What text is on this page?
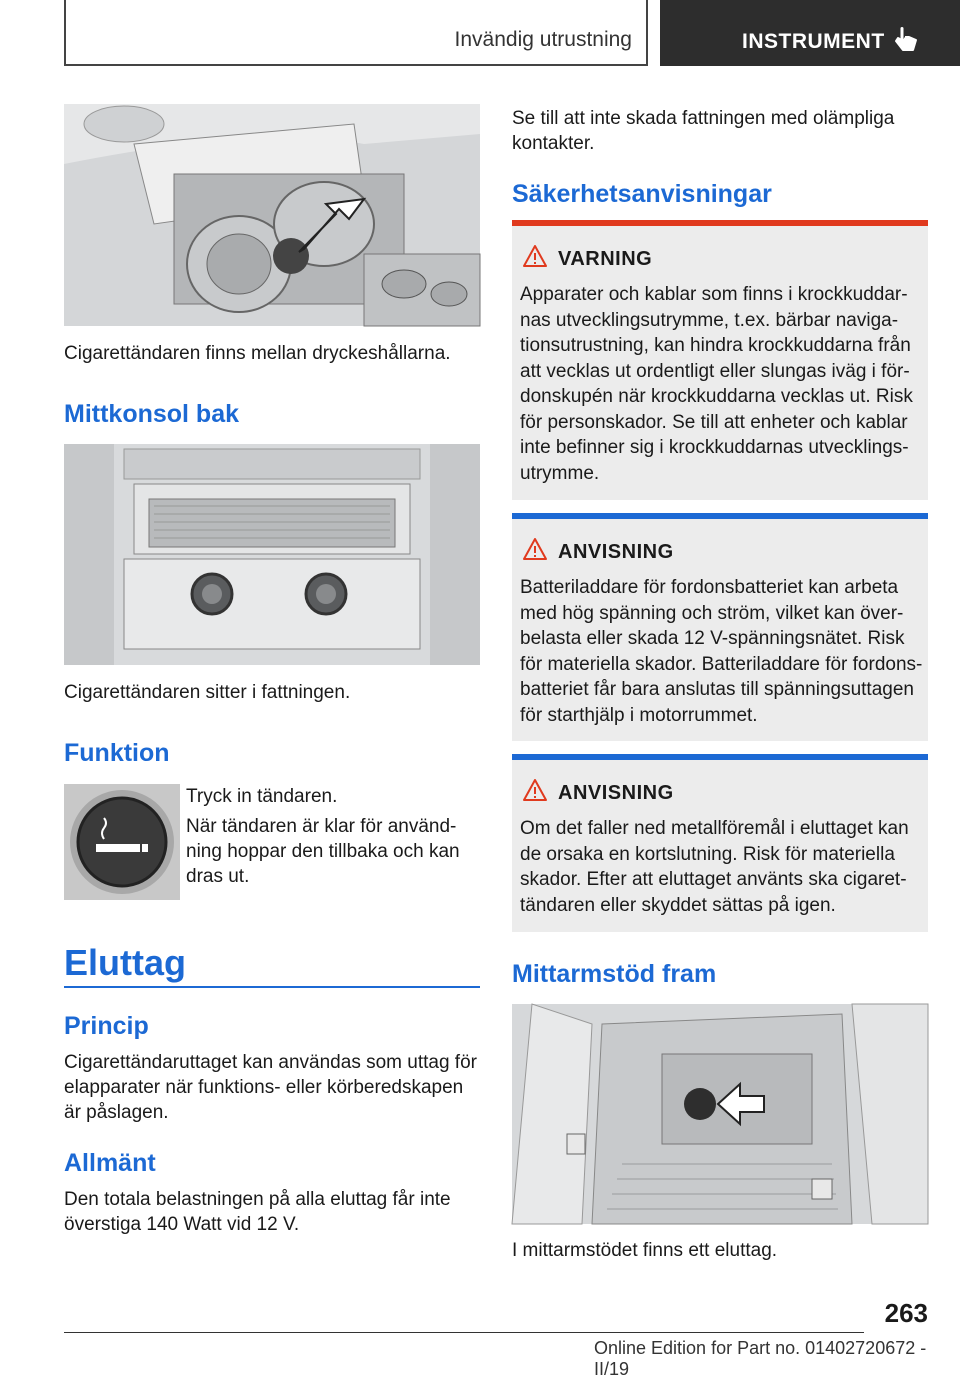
Invändig utrustning	INSTRUMENT
Cigarettändaren finns mellan dryckeshållarna.
Mittkonsol bak
Cigarettändaren sitter i fattningen.
Funktion
Tryck in tändaren.
När tändaren är klar för använd-ning hoppar den tillbaka och kan dras ut.
Eluttag
Princip
Cigarettändaruttaget kan användas som uttag för elapparater när funktions- eller körberedskapen är påslagen.
Allmänt
Den totala belastningen på alla eluttag får inte överstiga 140 Watt vid 12 V.
Se till att inte skada fattningen med olämpliga kontakter.
Säkerhetsanvisningar
VARNING
Apparater och kablar som finns i krockkuddar-nas utvecklingsutrymme, t.ex. bärbar naviga-tionsutrustning, kan hindra krockkuddarna från att vecklas ut ordentligt eller slungas iväg i för-donskupén när krockkuddarna vecklas ut. Risk för personskador. Se till att enheter och kablar inte befinner sig i krockkuddarnas utvecklings-utrymme.
ANVISNING
Batteriladdare för fordonsbatteriet kan arbeta med hög spänning och ström, vilket kan över-belasta eller skada 12 V-spänningsnätet. Risk för materiella skador. Batteriladdare för fordons-batteriet får bara anslutas till spänningsuttagen för starthjälp i motorrummet.
ANVISNING
Om det faller ned metallföremål i eluttaget kan de orsaka en kortslutning. Risk för materiella skador. Efter att eluttaget använts ska cigaret-tändaren eller skyddet sättas på igen.
Mittarmstöd fram
I mittarmstödet finns ett eluttag.
263
Online Edition for Part no. 01402720672 - II/19
